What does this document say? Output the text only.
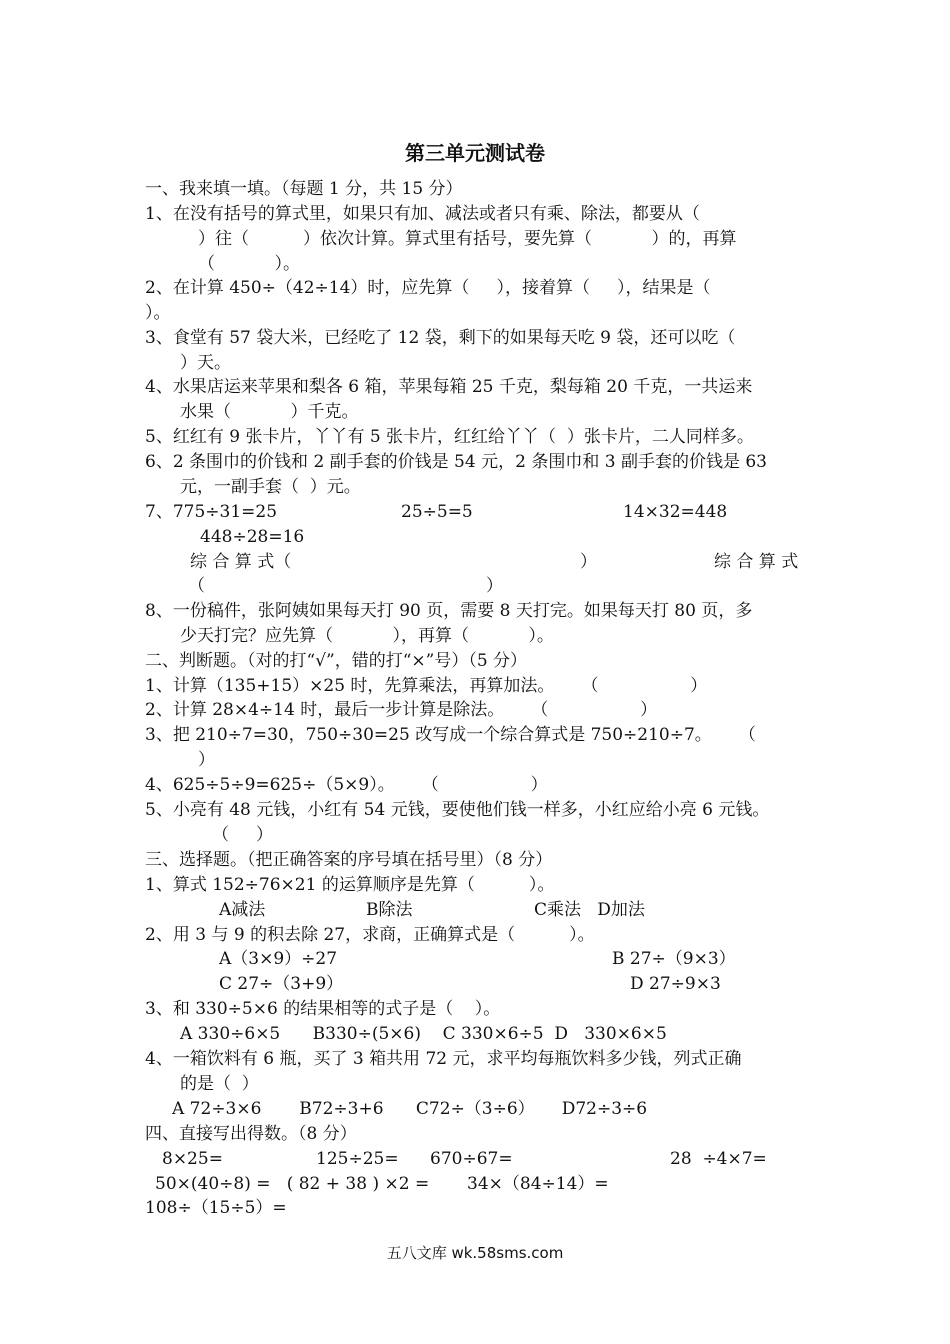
第三单元测试卷
一、我来填一填。（每题 1 分，共 15 分）
1、在没有括号的算式里，如果只有加、减法或者只有乘、除法，都要从（
）往（          ）依次计算。算式里有括号，要先算（           ）的，再算
（           ）。
2、在计算 450÷（42÷14）时，应先算（     ），接着算（     ），结果是（
）。
3、食堂有 57 袋大米，已经吃了 12 袋，剩下的如果每天吃 9 袋，还可以吃（
）天。
4、水果店运来苹果和梨各 6 箱，苹果每箱 25 千克，梨每箱 20 千克，一共运来
水果（           ）千克。
5、红红有 9 张卡片，丫丫有 5 张卡片，红红给丫丫（  ）张卡片，二人同样多。
6、2 条围巾的价钱和 2 副手套的价钱是 54 元，2 条围巾和 3 副手套的价钱是 63
元，一副手套（  ）元。
7、775÷31=25	25÷5=5	14×32=448
448÷28=16
综 合 算 式（	）	综 合 算 式
（	）
8、一份稿件，张阿姨如果每天打 90 页，需要 8 天打完。如果每天打 80 页，多
少天打完？应先算（           ），再算（           ）。
二、判断题。（对的打“√”，错的打“×”号）（5 分）
1、计算（135+15）×25 时，先算乘法，再算加法。     （                 ）
2、计算 28×4÷14 时，最后一步计算是除法。     （                 ）
3、把 210÷7=30，750÷30=25 改写成一个综合算式是 750÷210÷7。     （
）
4、625÷5÷9=625÷（5×9）。     （                 ）
5、小亮有 48 元钱，小红有 54 元钱，要使他们钱一样多，小红应给小亮 6 元钱。
（     ）
三、选择题。（把正确答案的序号填在括号里）（8 分）
1、算式 152÷76×21 的运算顺序是先算（          ）。
A减法	B除法	C乘法   D加法
2、用 3 与 9 的积去除 27，求商，正确算式是（          ）。
A（3×9）÷27	B 27÷（9×3）
C 27÷（3+9）	D 27÷9×3
3、和 330÷5×6 的结果相等的式子是（    ）。
A 330÷6×5      B330÷(5×6)    C 330×6÷5  D   330×6×5
4、一箱饮料有 6 瓶，买了 3 箱共用 72 元，求平均每瓶饮料多少钱，列式正确
的是（  ）
A 72÷3×6       B72÷3+6      C72÷（3÷6）     D72÷3÷6
四、直接写出得数。（8 分）
8×25=	125÷25= 670÷67=	28  ÷4×7=
50×(40÷8) =   ( 82 + 38 ) ×2 =       34×（84÷14）=
108÷（15÷5）=
五八文库 wk.58sms.com
